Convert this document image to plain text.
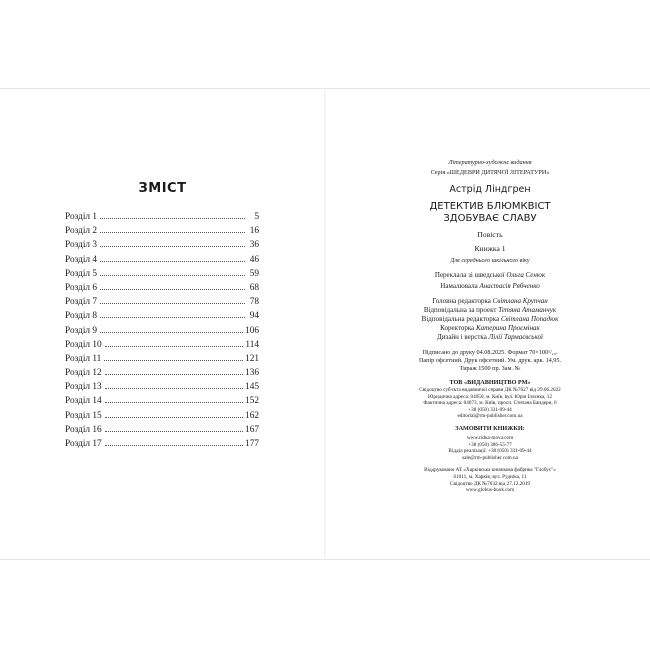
ЗМІСТ
Розділ 1	5
Розділ 2	16
Розділ 3	36
Розділ 4	46
Розділ 5	59
Розділ 6	68
Розділ 7	78
Розділ 8	94
Розділ 9	106
Розділ 10	114
Розділ 11	121
Розділ 12	136
Розділ 13	145
Розділ 14	152
Розділ 15	162
Розділ 16	167
Розділ 17	177
Літературно-художнє видання
Серія «ШЕДЕВРИ ДИТЯЧОЇ ЛІТЕРАТУРИ»
Астрід Ліндгрен
ДЕТЕКТИВ БЛЮМКВІСТ
ЗДОБУВАЄ СЛАВУ
Повість
Книжка 1
Для середнього шкільного віку
Переклала зі шведської Ольга Сенюк
Намалювала Анастасія Рябченко
Головна редакторка Світлана Крупчан
Відповідальна за проект Тетяна Атаманчук
Відповідальна редакторка Світлана Попадюк
Коректорка Катерина Проємінак
Дизайн і верстка Лілії Тармаєвської
Підписано до друку 04.08.2025. Формат 70×100¹/₁₆.
Папір офсетний. Друк офсетний. Ум. друк. арк. 14,95.
Тираж 1500 пр. Зам. №
ТОВ «ВИДАВНИЦТВО РМ»
Свідоцтво суб'єкта видавничої справи ДК №7627 від 29.06.2022
Юридична адреса: 04050, м. Київ, вул. Юрія Іллєнка, 12
Фактична адреса: 04073, м. Київ, просп. Степана Бандери, 6
+38 (050) 331-09-44
editorial@rm-publisher.com.ua
ЗАМОВИТИ КНИЖКИ:
www.ridna-mova.com
+38 (050) 386-55-77
Відділ реалізації: +38 (050) 331-09-44
sale@rm-publisher.com.ua
Віддруковано АТ «Харківська книжкова фабрика "Глобус"»
61011, м. Харків, вул. Рудніка, 11
Свідоцтво ДК №7032 від 27.12.2019
www.globus-book.com
